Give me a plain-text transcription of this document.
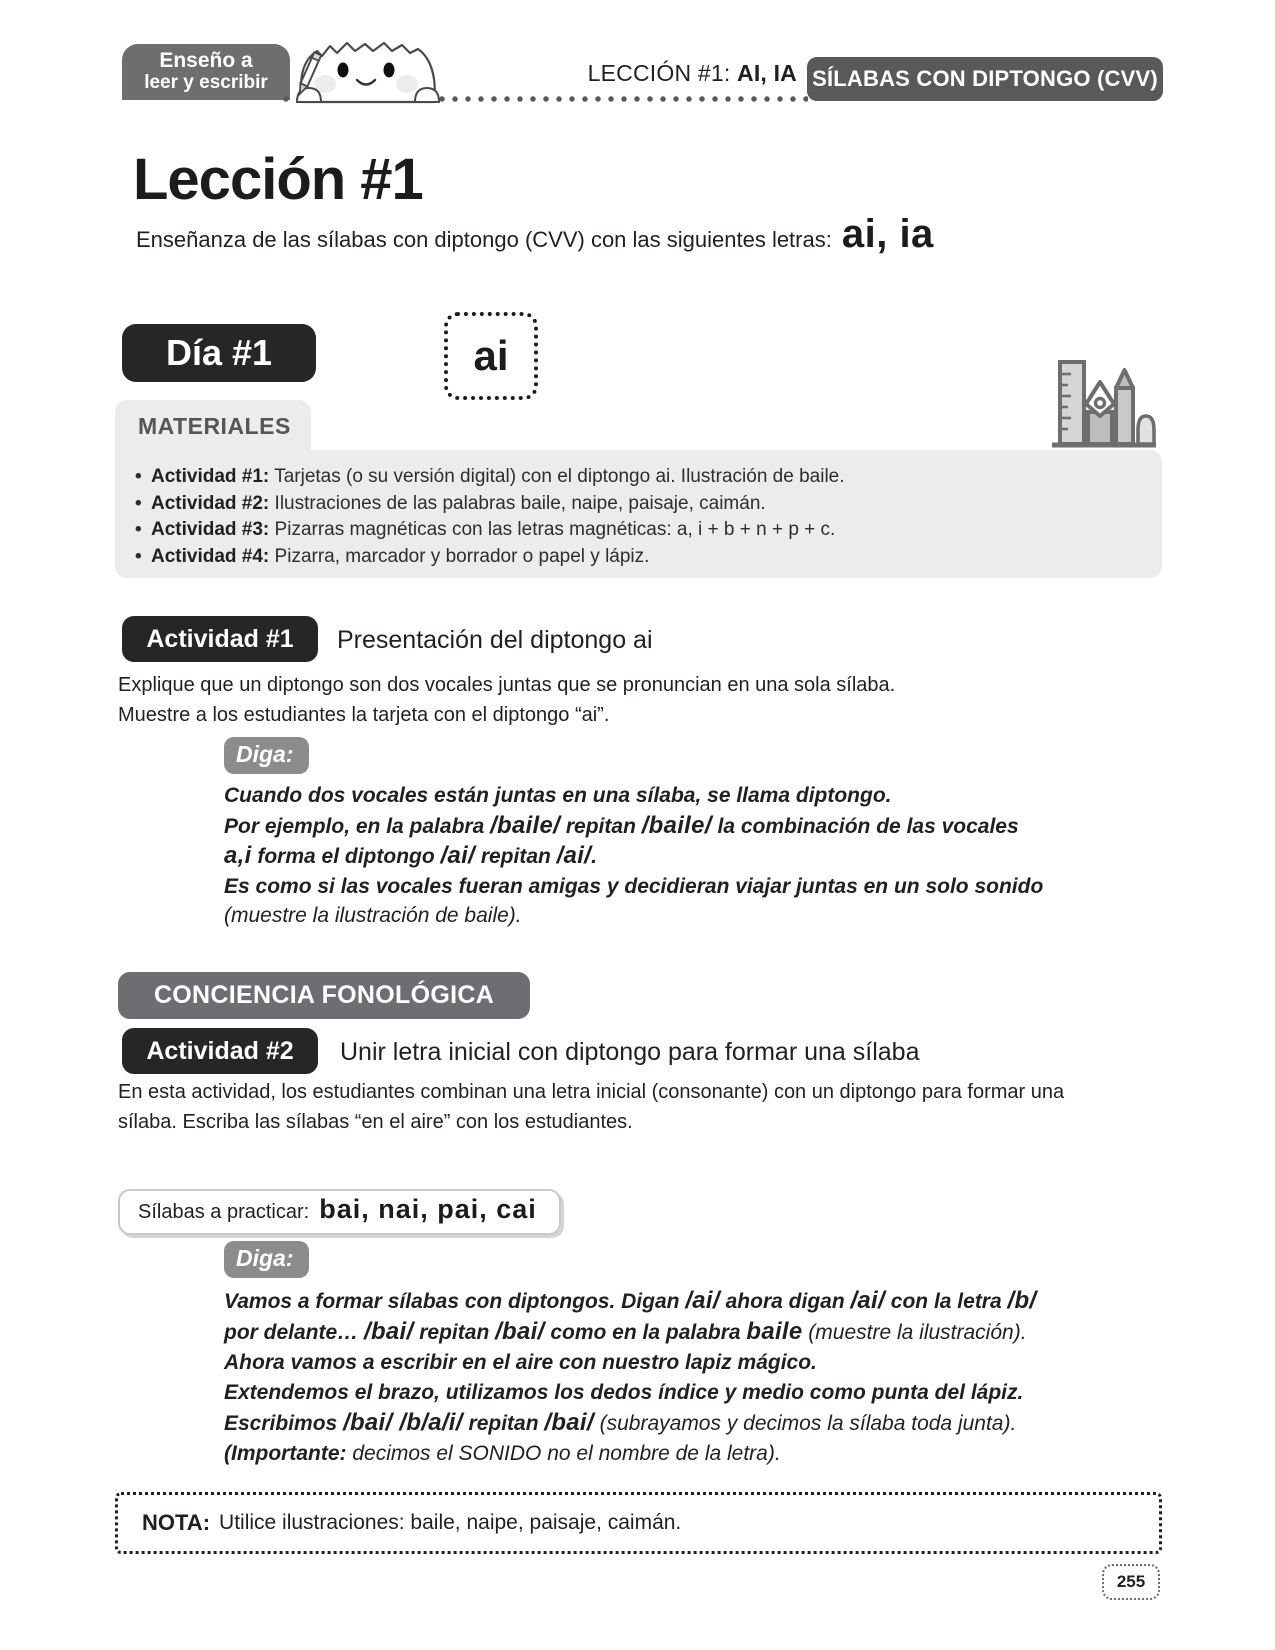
Enseño a
leer y escribir	LECCIÓN #1: AI, IA SÍLABAS CON DIPTONGO (CVV)
Lección #1
Enseñanza de las sílabas con diptongo (CVV) con las siguientes letras: ai, ia
Día #1	ai
MATERIALES
• Actividad #1: Tarjetas (o su versión digital) con el diptongo ai. Ilustración de baile.
• Actividad #2: Ilustraciones de las palabras baile, naipe, paisaje, caimán.
• Actividad #3: Pizarras magnéticas con las letras magnéticas: a, i + b + n + p + c.
• Actividad #4: Pizarra, marcador y borrador o papel y lápiz.
Actividad #1	Presentación del diptongo ai
Explique que un diptongo son dos vocales juntas que se pronuncian en una sola sílaba.
Muestre a los estudiantes la tarjeta con el diptongo “ai”.
Diga:
Cuando dos vocales están juntas en una sílaba, se llama diptongo.
Por ejemplo, en la palabra /baile/ repitan /baile/ la combinación de las vocales
a,i forma el diptongo /ai/ repitan /ai/.
Es como si las vocales fueran amigas y decidieran viajar juntas en un solo sonido
(muestre la ilustración de baile).
CONCIENCIA FONOLÓGICA
Actividad #2	Unir letra inicial con diptongo para formar una sílaba
En esta actividad, los estudiantes combinan una letra inicial (consonante) con un diptongo para formar una
sílaba. Escriba las sílabas “en el aire” con los estudiantes.
Sílabas a practicar: bai, nai, pai, cai
Diga:
Vamos a formar sílabas con diptongos. Digan /ai/ ahora digan /ai/ con la letra /b/
por delante… /bai/ repitan /bai/ como en la palabra baile (muestre la ilustración).
Ahora vamos a escribir en el aire con nuestro lapiz mágico.
Extendemos el brazo, utilizamos los dedos índice y medio como punta del lápiz.
Escribimos /bai/ /b/a/i/ repitan /bai/ (subrayamos y decimos la sílaba toda junta).
(Importante: decimos el SONIDO no el nombre de la letra).
NOTA: Utilice ilustraciones: baile, naipe, paisaje, caimán.
255
